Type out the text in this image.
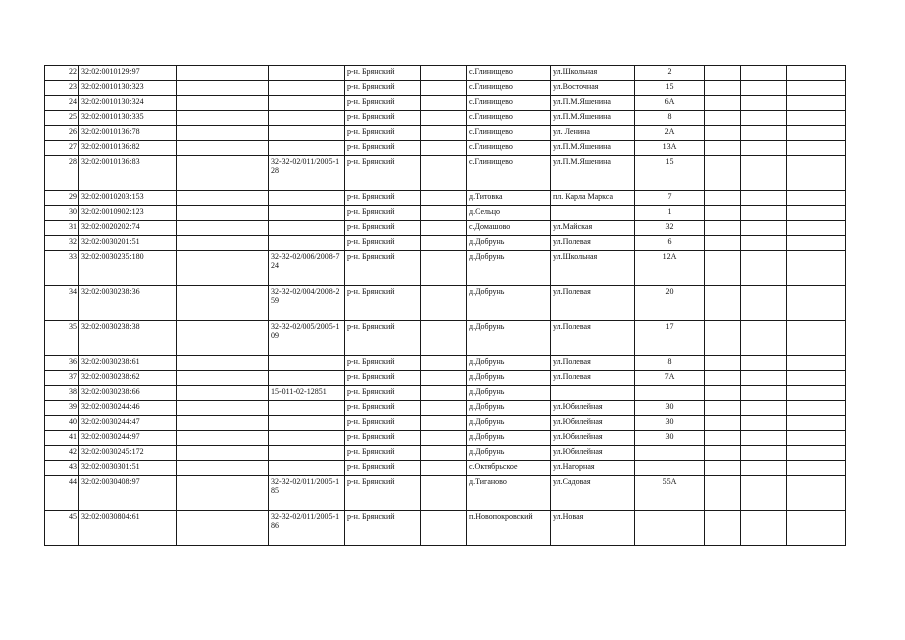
22	32:02:0010129:97			р-н. Брянский		с.Глинищево	ул.Школьная	2			
23	32:02:0010130:323			р-н. Брянский		с.Глинищево	ул.Восточная	15			
24	32:02:0010130:324			р-н. Брянский		с.Глинищево	ул.П.М.Яшенина	6А			
25	32:02:0010130:335			р-н. Брянский		с.Глинищево	ул.П.М.Яшенина	8			
26	32:02:0010136:78			р-н. Брянский		с.Глинищево	ул. Ленина	2А			
27	32:02:0010136:82			р-н. Брянский		с.Глинищево	ул.П.М.Яшенина	13А			
28	32:02:0010136:83		32-32-02/011/2005-128	р-н. Брянский		с.Глинищево	ул.П.М.Яшенина	15			
29	32:02:0010203:153			р-н. Брянский		д.Титовка	пл. Карла Маркса	7			
30	32:02:0010902:123			р-н. Брянский		д.Сельцо		1			
31	32:02:0020202:74			р-н. Брянский		с.Домашово	ул.Майская	32			
32	32:02:0030201:51			р-н. Брянский		д.Добрунь	ул.Полевая	6			
33	32:02:0030235:180		32-32-02/006/2008-724	р-н. Брянский		д.Добрунь	ул.Школьная	12А			
34	32:02:0030238:36		32-32-02/004/2008-259	р-н. Брянский		д.Добрунь	ул.Полевая	20			
35	32:02:0030238:38		32-32-02/005/2005-109	р-н. Брянский		д.Добрунь	ул.Полевая	17			
36	32:02:0030238:61			р-н. Брянский		д.Добрунь	ул.Полевая	8			
37	32:02:0030238:62			р-н. Брянский		д.Добрунь	ул.Полевая	7А			
38	32:02:0030238:66		15-011-02-12851	р-н. Брянский		д.Добрунь					
39	32:02:0030244:46			р-н. Брянский		д.Добрунь	ул.Юбилейная	30			
40	32:02:0030244:47			р-н. Брянский		д.Добрунь	ул.Юбилейная	30			
41	32:02:0030244:97			р-н. Брянский		д.Добрунь	ул.Юбилейная	30			
42	32:02:0030245:172			р-н. Брянский		д.Добрунь	ул.Юбилейная				
43	32:02:0030301:51			р-н. Брянский		с.Октябрьское	ул.Нагорная				
44	32:02:0030408:97		32-32-02/011/2005-185	р-н. Брянский		д.Тиганово	ул.Садовая	55А			
45	32:02:0030804:61		32-32-02/011/2005-186	р-н. Брянский		п.Новопокровский	ул.Новая				
